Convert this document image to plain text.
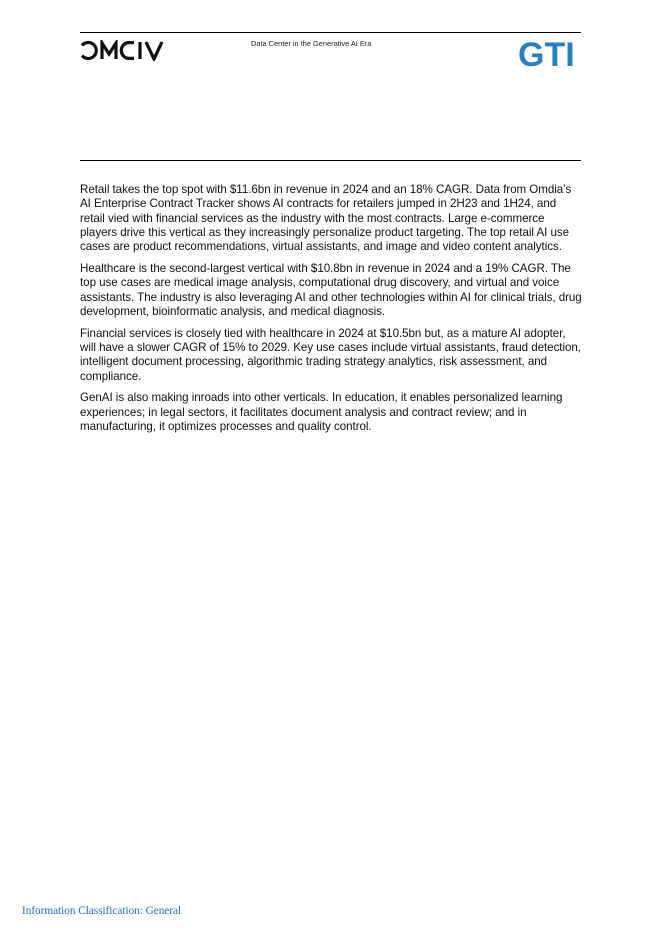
Data Center in the Generative AI Era	GTI

Retail takes the top spot with $11.6bn in revenue in 2024 and an 18% CAGR. Data from Omdia’s AI Enterprise Contract Tracker shows AI contracts for retailers jumped in 2H23 and 1H24, and retail vied with financial services as the industry with the most contracts. Large e-commerce players drive this vertical as they increasingly personalize product targeting. The top retail AI use cases are product recommendations, virtual assistants, and image and video content analytics.

Healthcare is the second-largest vertical with $10.8bn in revenue in 2024 and a 19% CAGR. The top use cases are medical image analysis, computational drug discovery, and virtual and voice assistants. The industry is also leveraging AI and other technologies within AI for clinical trials, drug development, bioinformatic analysis, and medical diagnosis.

Financial services is closely tied with healthcare in 2024 at $10.5bn but, as a mature AI adopter, will have a slower CAGR of 15% to 2029. Key use cases include virtual assistants, fraud detection, intelligent document processing, algorithmic trading strategy analytics, risk assessment, and compliance.

GenAI is also making inroads into other verticals. In education, it enables personalized learning experiences; in legal sectors, it facilitates document analysis and contract review; and in manufacturing, it optimizes processes and quality control.

Information Classification: General
